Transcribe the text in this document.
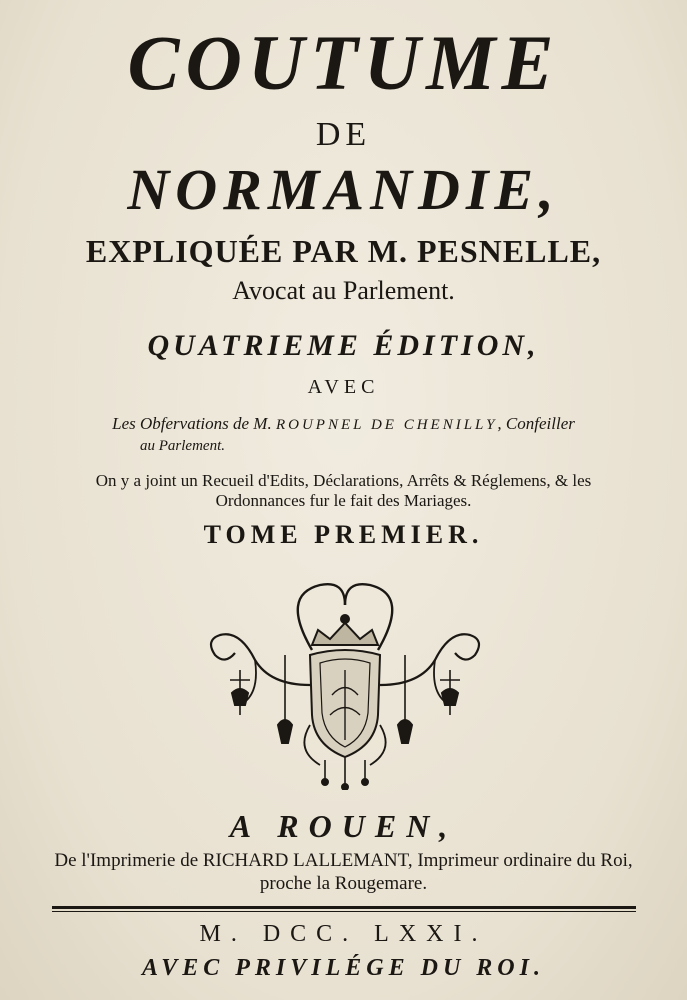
COUTUME
DE
NORMANDIE,
EXPLIQUÉE PAR M. PESNELLE,
Avocat au Parlement.
QUATRIEME ÉDITION,
AVEC
Les Obfervations de M. ROUPNEL DE CHENILLY, Confeiller
au Parlement.
On y a joint un Recueil d'Edits, Déclarations, Arrêts & Réglemens, & les
Ordonnances fur le fait des Mariages.
TOME PREMIER.
A ROUEN,
De l'Imprimerie de RICHARD LALLEMANT, Imprimeur ordinaire du Roi,
proche la Rougemare.
M. DCC. LXXI.
AVEC PRIVILÉGE DU ROI.
